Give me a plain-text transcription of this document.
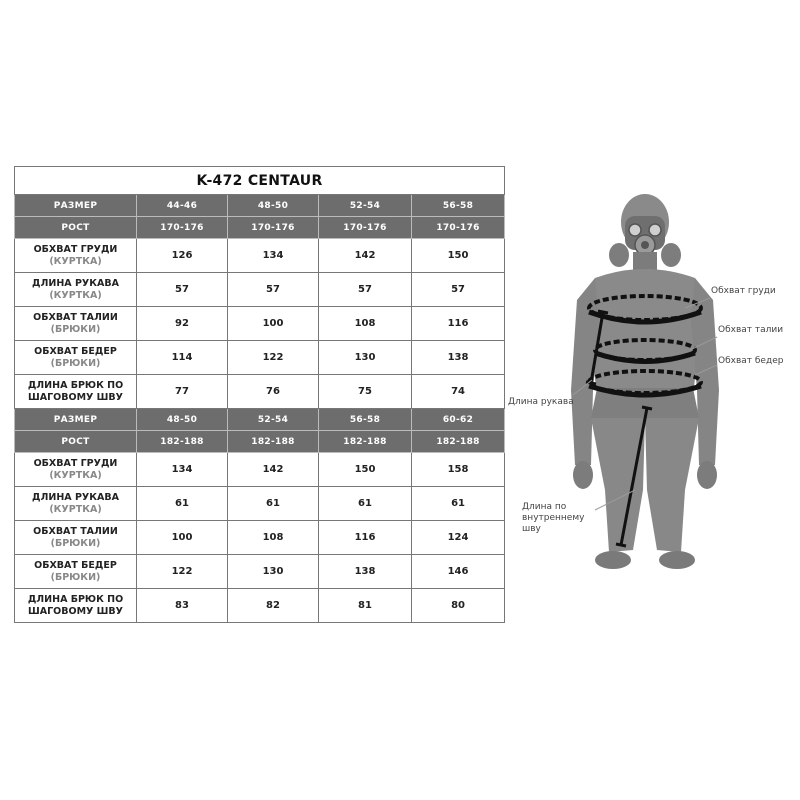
K-472 CENTAUR				
РАЗМЕР	44-46	48-50	52-54	56-58
РОСТ	170-176	170-176	170-176	170-176
ОБХВАТ ГРУДИ
(КУРТКА)	126	134	142	150
ДЛИНА РУКАВА
(КУРТКА)	57	57	57	57
ОБХВАТ ТАЛИИ
(БРЮКИ)	92	100	108	116
ОБХВАТ БЕДЕР
(БРЮКИ)	114	122	130	138
ДЛИНА БРЮК ПО
ШАГОВОМУ ШВУ	77	76	75	74
РАЗМЕР	48-50	52-54	56-58	60-62
РОСТ	182-188	182-188	182-188	182-188
ОБХВАТ ГРУДИ
(КУРТКА)	134	142	150	158
ДЛИНА РУКАВА
(КУРТКА)	61	61	61	61
ОБХВАТ ТАЛИИ
(БРЮКИ)	100	108	116	124
ОБХВАТ БЕДЕР
(БРЮКИ)	122	130	138	146
ДЛИНА БРЮК ПО
ШАГОВОМУ ШВУ	83	82	81	80
Обхват груди
Обхват талии
Обхват бедер
Длина рукава
Длина по
внутреннему
шву
